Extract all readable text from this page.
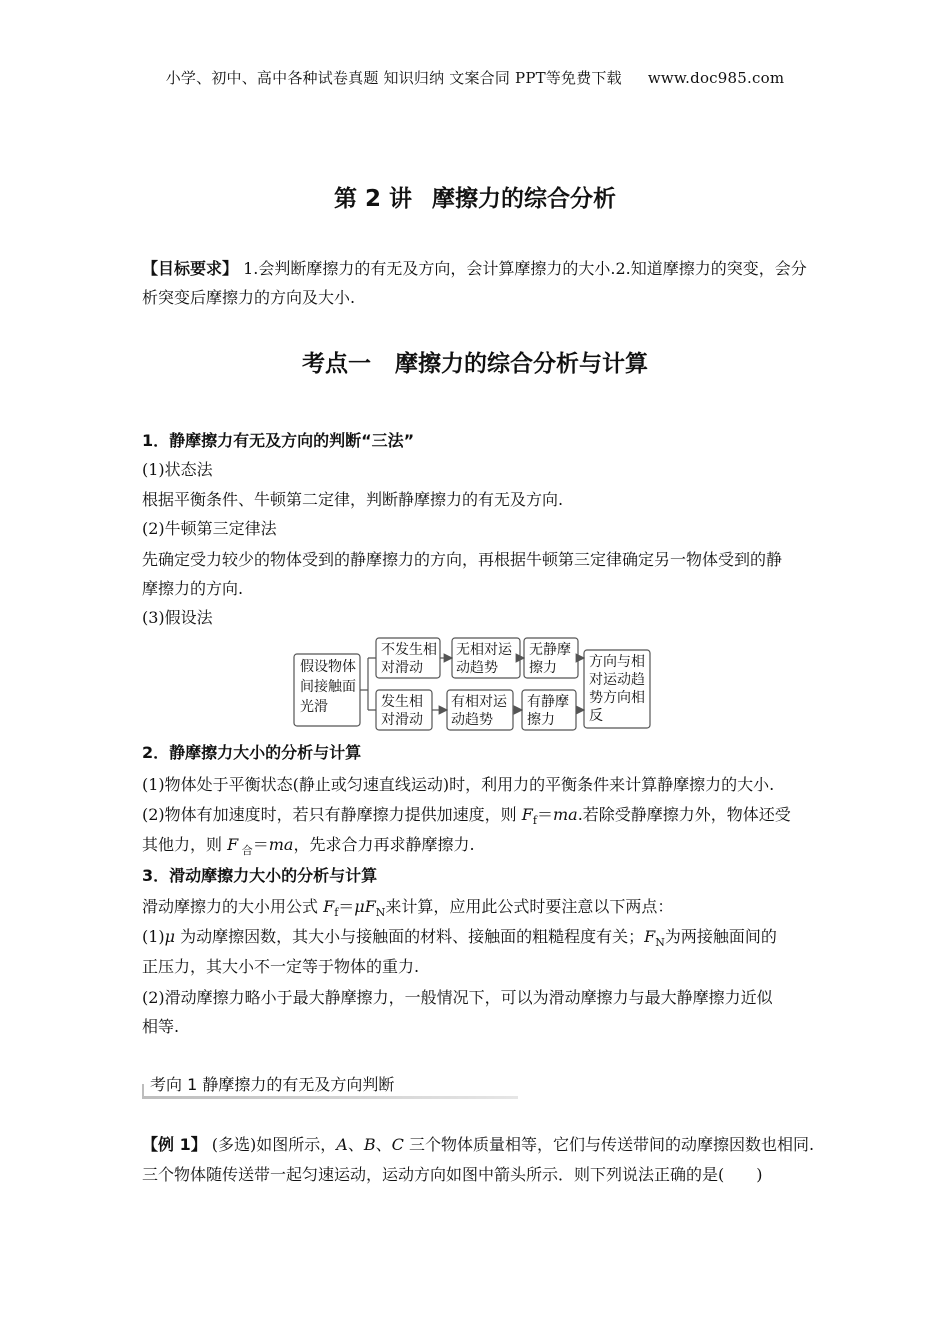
小学、初中、高中各种试卷真题 知识归纳 文案合同 PPT等免费下载 www.doc985.com
第 2 讲 摩擦力的综合分析
【目标要求】 1.会判断摩擦力的有无及方向，会计算摩擦力的大小.2.知道摩擦力的突变，会分析突变后摩擦力的方向及大小.
考点一 摩擦力的综合分析与计算
1．静摩擦力有无及方向的判断“三法”
(1)状态法
根据平衡条件、牛顿第二定律，判断静摩擦力的有无及方向.
(2)牛顿第三定律法
先确定受力较少的物体受到的静摩擦力的方向，再根据牛顿第三定律确定另一物体受到的静
摩擦力的方向.
(3)假设法
假设物体
间接触面
光滑
不发生相
对滑动
无相对运
动趋势
无静摩
擦力
发生相
对滑动
有相对运
动趋势
有静摩
擦力
方向与相
对运动趋
势方向相
反
2．静摩擦力大小的分析与计算
(1)物体处于平衡状态(静止或匀速直线运动)时，利用力的平衡条件来计算静摩擦力的大小.
(2)物体有加速度时，若只有静摩擦力提供加速度，则 $F_f=ma$.若除受静摩擦力外，物体还受
其他力，则 F $_合$＝ma，先求合力再求静摩擦力.
3．滑动摩擦力大小的分析与计算
滑动摩擦力的大小用公式 $F_f=\mu F_N$来计算，应用此公式时要注意以下两点：
(1)μ 为动摩擦因数，其大小与接触面的材料、接触面的粗糙程度有关；$F_N$为两接触面间的
正压力，其大小不一定等于物体的重力.
(2)滑动摩擦力略小于最大静摩擦力，一般情况下，可以为滑动摩擦力与最大静摩擦力近似
相等.
考向 1 静摩擦力的有无及方向判断
【例 1】 (多选)如图所示，A、B、C 三个物体质量相等，它们与传送带间的动摩擦因数也相同.
三个物体随传送带一起匀速运动，运动方向如图中箭头所示．则下列说法正确的是(　　)
